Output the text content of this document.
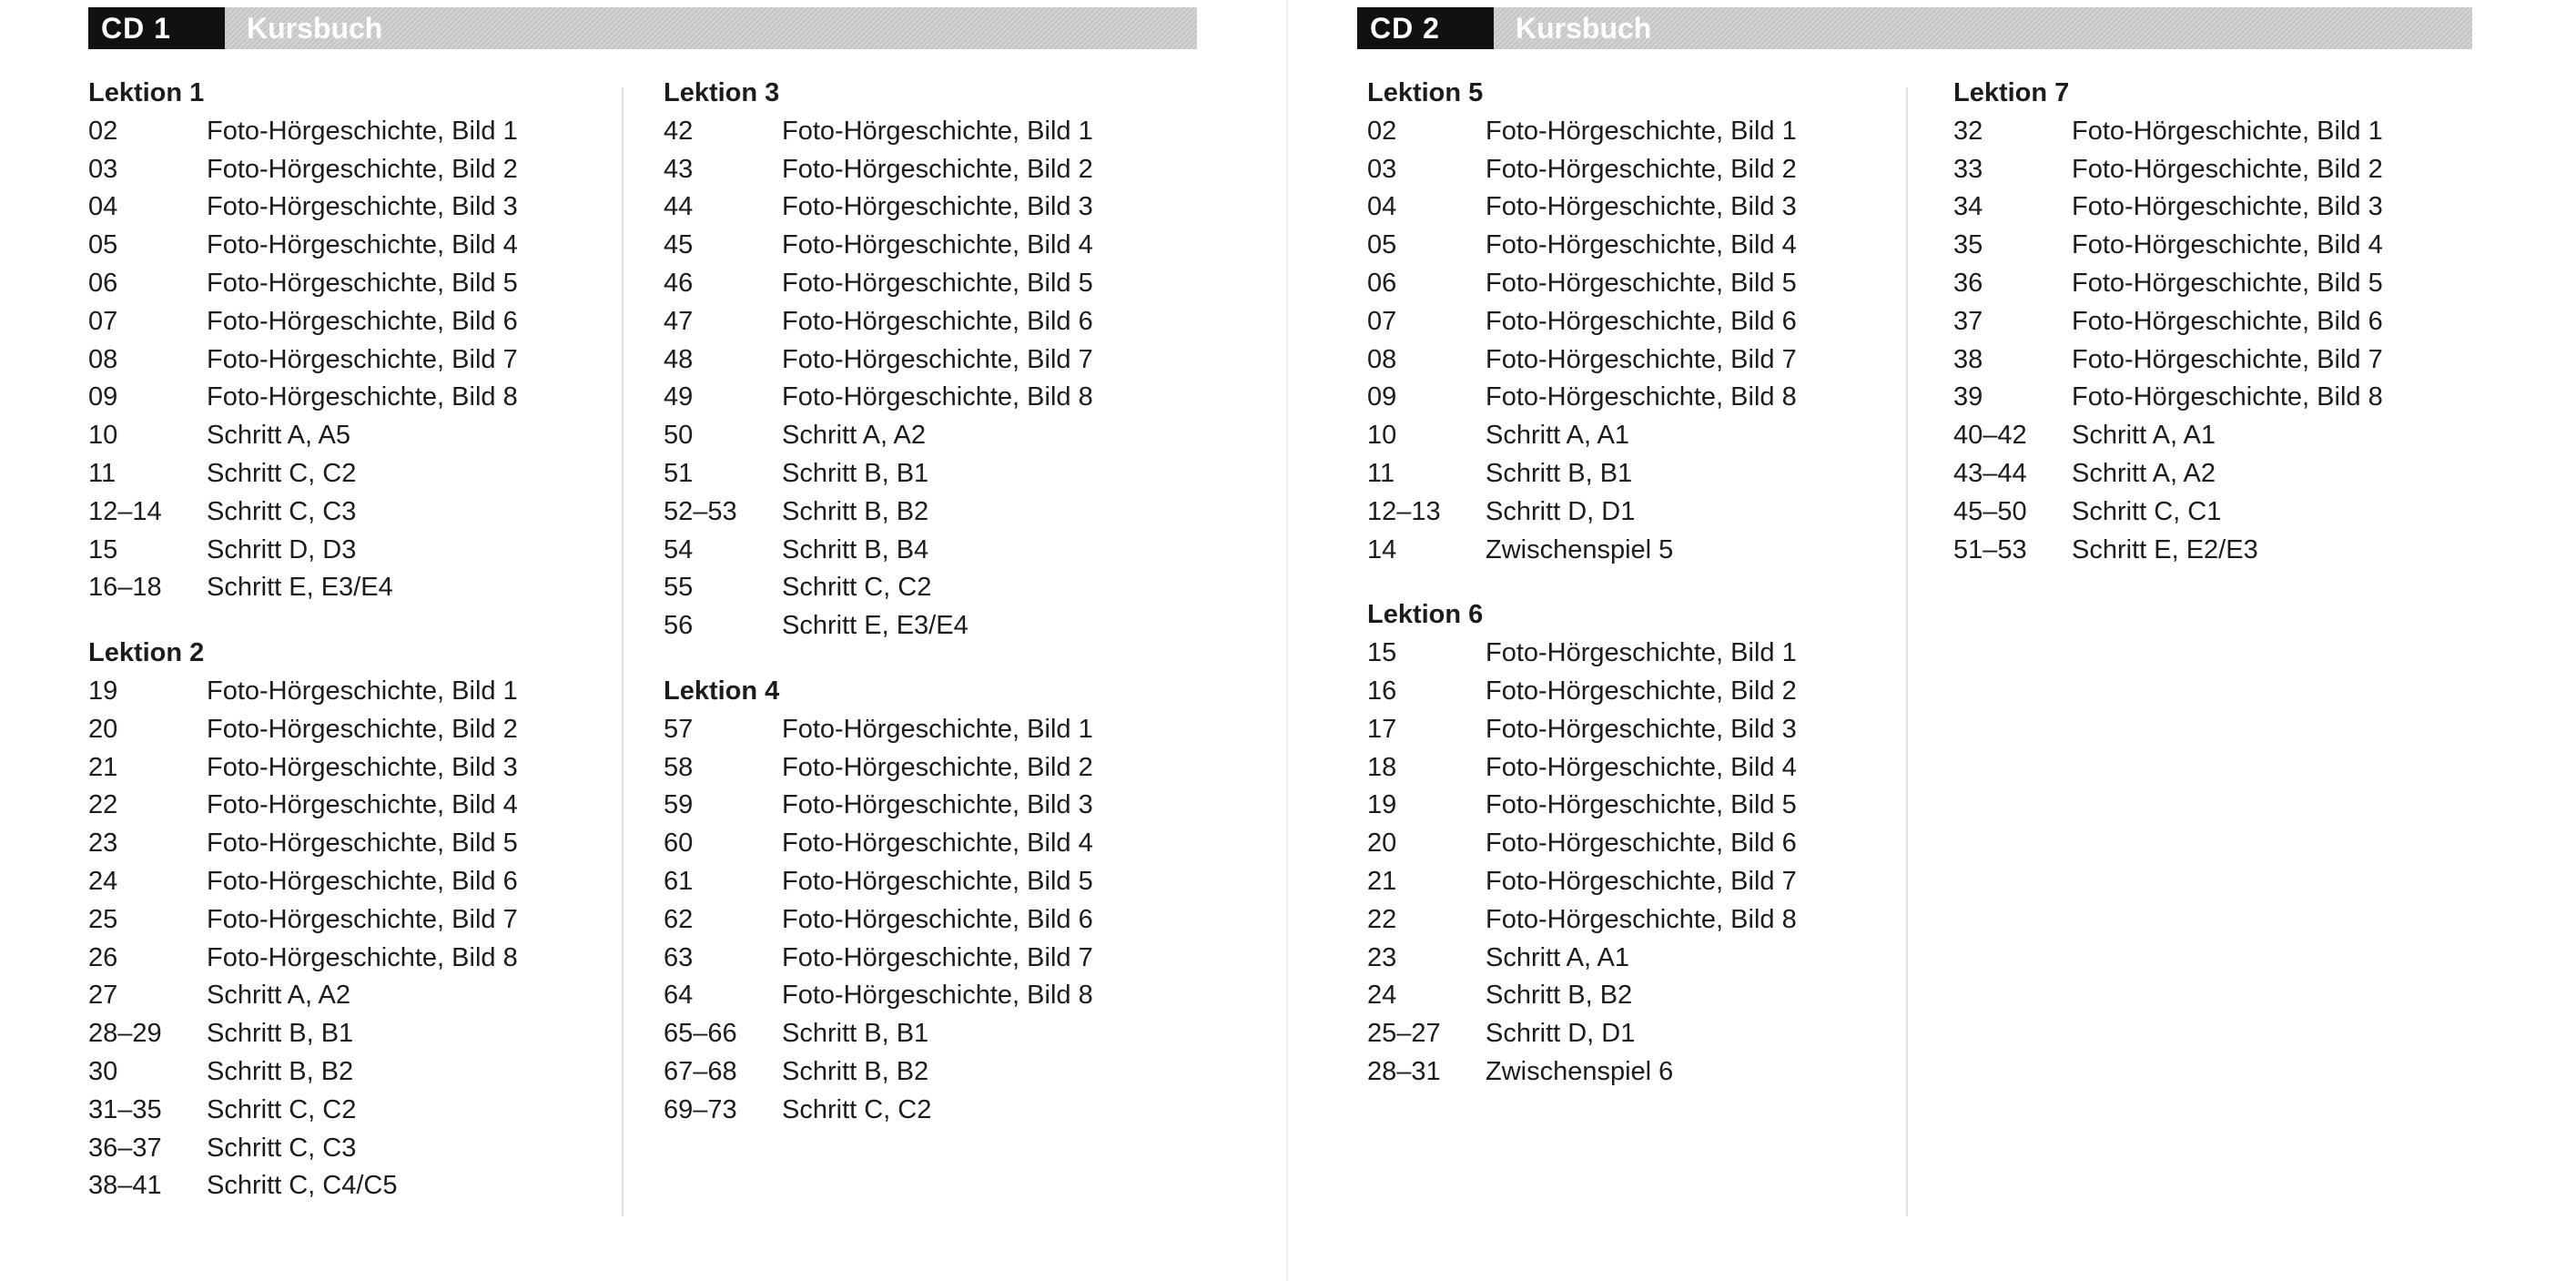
CD 1	Kursbuch
Lektion 1
02	Foto-Hörgeschichte, Bild 1
03	Foto-Hörgeschichte, Bild 2
04	Foto-Hörgeschichte, Bild 3
05	Foto-Hörgeschichte, Bild 4
06	Foto-Hörgeschichte, Bild 5
07	Foto-Hörgeschichte, Bild 6
08	Foto-Hörgeschichte, Bild 7
09	Foto-Hörgeschichte, Bild 8
10	Schritt A, A5
11	Schritt C, C2
12–14	Schritt C, C3
15	Schritt D, D3
16–18	Schritt E, E3/E4
Lektion 2
19	Foto-Hörgeschichte, Bild 1
20	Foto-Hörgeschichte, Bild 2
21	Foto-Hörgeschichte, Bild 3
22	Foto-Hörgeschichte, Bild 4
23	Foto-Hörgeschichte, Bild 5
24	Foto-Hörgeschichte, Bild 6
25	Foto-Hörgeschichte, Bild 7
26	Foto-Hörgeschichte, Bild 8
27	Schritt A, A2
28–29	Schritt B, B1
30	Schritt B, B2
31–35	Schritt C, C2
36–37	Schritt C, C3
38–41	Schritt C, C4/C5
Lektion 3
42	Foto-Hörgeschichte, Bild 1
43	Foto-Hörgeschichte, Bild 2
44	Foto-Hörgeschichte, Bild 3
45	Foto-Hörgeschichte, Bild 4
46	Foto-Hörgeschichte, Bild 5
47	Foto-Hörgeschichte, Bild 6
48	Foto-Hörgeschichte, Bild 7
49	Foto-Hörgeschichte, Bild 8
50	Schritt A, A2
51	Schritt B, B1
52–53	Schritt B, B2
54	Schritt B, B4
55	Schritt C, C2
56	Schritt E, E3/E4
Lektion 4
57	Foto-Hörgeschichte, Bild 1
58	Foto-Hörgeschichte, Bild 2
59	Foto-Hörgeschichte, Bild 3
60	Foto-Hörgeschichte, Bild 4
61	Foto-Hörgeschichte, Bild 5
62	Foto-Hörgeschichte, Bild 6
63	Foto-Hörgeschichte, Bild 7
64	Foto-Hörgeschichte, Bild 8
65–66	Schritt B, B1
67–68	Schritt B, B2
69–73	Schritt C, C2
CD 2	Kursbuch
Lektion 5
02	Foto-Hörgeschichte, Bild 1
03	Foto-Hörgeschichte, Bild 2
04	Foto-Hörgeschichte, Bild 3
05	Foto-Hörgeschichte, Bild 4
06	Foto-Hörgeschichte, Bild 5
07	Foto-Hörgeschichte, Bild 6
08	Foto-Hörgeschichte, Bild 7
09	Foto-Hörgeschichte, Bild 8
10	Schritt A, A1
11	Schritt B, B1
12–13	Schritt D, D1
14	Zwischenspiel 5
Lektion 6
15	Foto-Hörgeschichte, Bild 1
16	Foto-Hörgeschichte, Bild 2
17	Foto-Hörgeschichte, Bild 3
18	Foto-Hörgeschichte, Bild 4
19	Foto-Hörgeschichte, Bild 5
20	Foto-Hörgeschichte, Bild 6
21	Foto-Hörgeschichte, Bild 7
22	Foto-Hörgeschichte, Bild 8
23	Schritt A, A1
24	Schritt B, B2
25–27	Schritt D, D1
28–31	Zwischenspiel 6
Lektion 7
32	Foto-Hörgeschichte, Bild 1
33	Foto-Hörgeschichte, Bild 2
34	Foto-Hörgeschichte, Bild 3
35	Foto-Hörgeschichte, Bild 4
36	Foto-Hörgeschichte, Bild 5
37	Foto-Hörgeschichte, Bild 6
38	Foto-Hörgeschichte, Bild 7
39	Foto-Hörgeschichte, Bild 8
40–42	Schritt A, A1
43–44	Schritt A, A2
45–50	Schritt C, C1
51–53	Schritt E, E2/E3
